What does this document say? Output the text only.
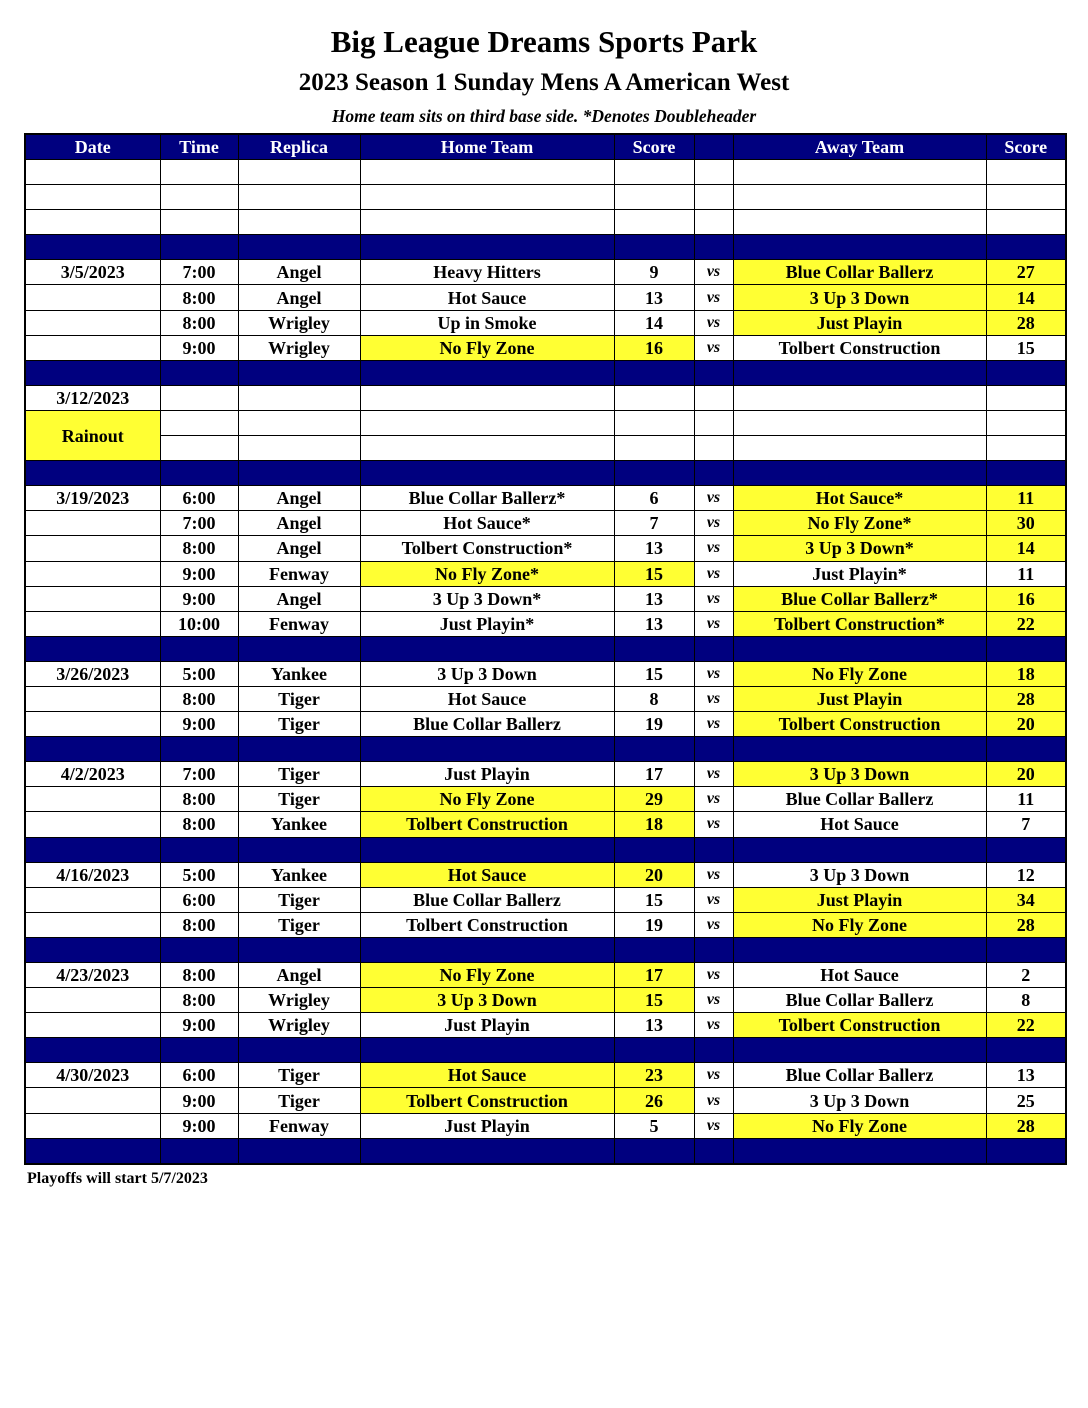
Big League Dreams Sports Park
2023 Season 1 Sunday Mens A American West
Home team sits on third base side. *Denotes Doubleheader
Date	Time	Replica	Home Team	Score		Away Team	Score

3/5/2023	7:00	Angel	Heavy Hitters	9	vs	Blue Collar Ballerz	27
	8:00	Angel	Hot Sauce	13	vs	3 Up 3 Down	14
	8:00	Wrigley	Up in Smoke	14	vs	Just Playin	28
	9:00	Wrigley	No Fly Zone	16	vs	Tolbert Construction	15

3/12/2023							
Rainout							

3/19/2023	6:00	Angel	Blue Collar Ballerz*	6	vs	Hot Sauce*	11
	7:00	Angel	Hot Sauce*	7	vs	No Fly Zone*	30
	8:00	Angel	Tolbert Construction*	13	vs	3 Up 3 Down*	14
	9:00	Fenway	No Fly Zone*	15	vs	Just Playin*	11
	9:00	Angel	3 Up 3 Down*	13	vs	Blue Collar Ballerz*	16
	10:00	Fenway	Just Playin*	13	vs	Tolbert Construction*	22

3/26/2023	5:00	Yankee	3 Up 3 Down	15	vs	No Fly Zone	18
	8:00	Tiger	Hot Sauce	8	vs	Just Playin	28
	9:00	Tiger	Blue Collar Ballerz	19	vs	Tolbert Construction	20

4/2/2023	7:00	Tiger	Just Playin	17	vs	3 Up 3 Down	20
	8:00	Tiger	No Fly Zone	29	vs	Blue Collar Ballerz	11
	8:00	Yankee	Tolbert Construction	18	vs	Hot Sauce	7

4/16/2023	5:00	Yankee	Hot Sauce	20	vs	3 Up 3 Down	12
	6:00	Tiger	Blue Collar Ballerz	15	vs	Just Playin	34
	8:00	Tiger	Tolbert Construction	19	vs	No Fly Zone	28

4/23/2023	8:00	Angel	No Fly Zone	17	vs	Hot Sauce	2
	8:00	Wrigley	3 Up 3 Down	15	vs	Blue Collar Ballerz	8
	9:00	Wrigley	Just Playin	13	vs	Tolbert Construction	22

4/30/2023	6:00	Tiger	Hot Sauce	23	vs	Blue Collar Ballerz	13
	9:00	Tiger	Tolbert Construction	26	vs	3 Up 3 Down	25
	9:00	Fenway	Just Playin	5	vs	No Fly Zone	28

Playoffs will start 5/7/2023
